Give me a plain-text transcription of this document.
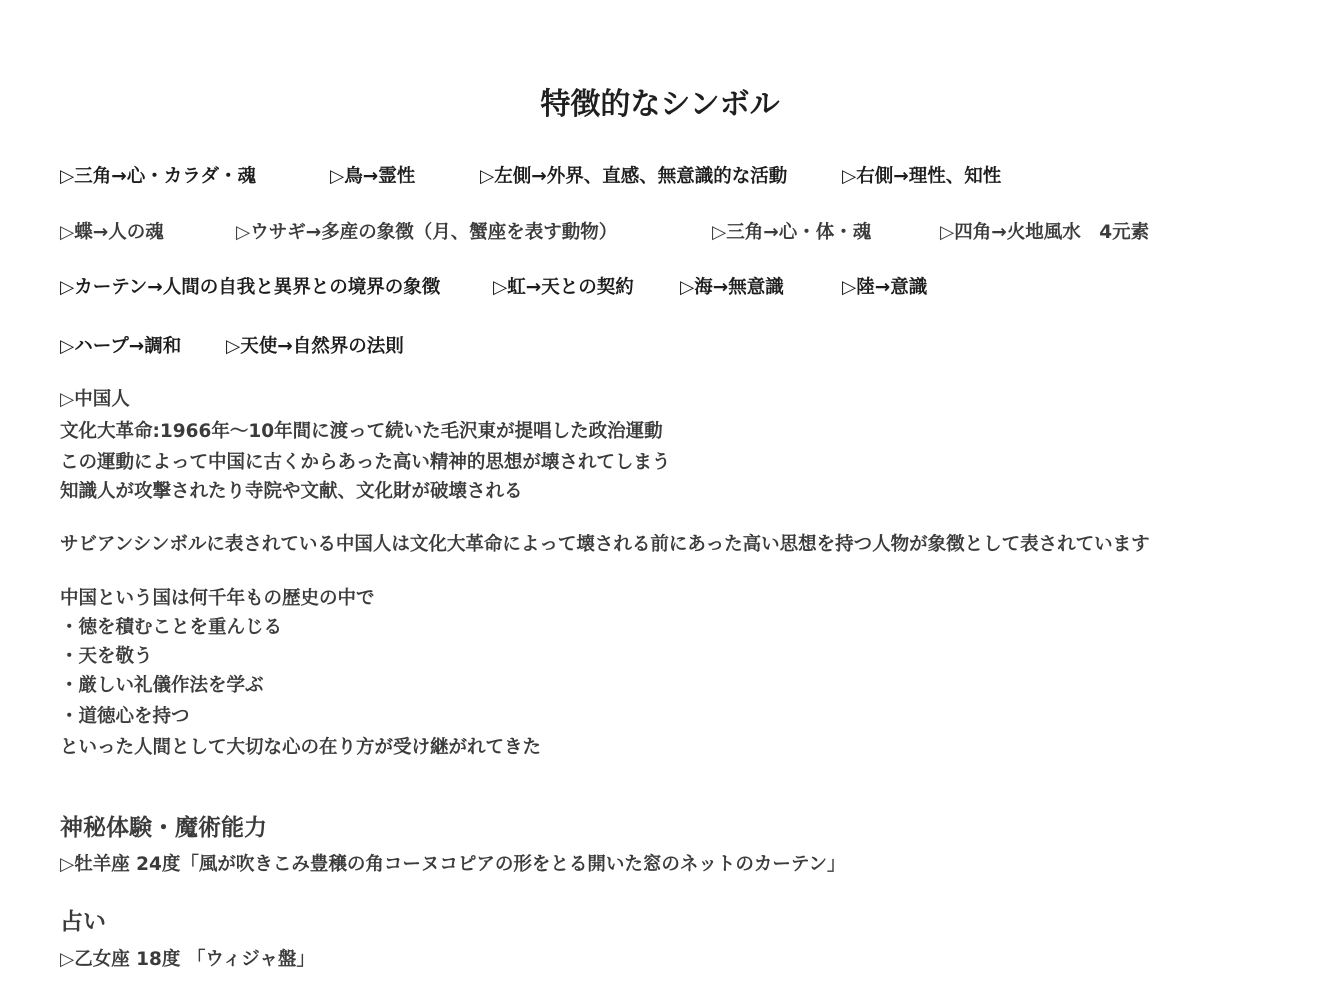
特徴的なシンボル
▷三角→心・カラダ・魂	▷鳥→霊性	▷左側→外界、直感、無意識的な活動	▷右側→理性、知性
▷蝶→人の魂	▷ウサギ→多産の象徴（月、蟹座を表す動物）	▷三角→心・体・魂	▷四角→火地風水　4元素
▷カーテン→人間の自我と異界との境界の象徴	▷虹→天との契約	▷海→無意識	▷陸→意識
▷ハープ→調和 ▷天使→自然界の法則
▷中国人
文化大革命:1966年〜10年間に渡って続いた毛沢東が提唱した政治運動
この運動によって中国に古くからあった高い精神的思想が壊されてしまう
知識人が攻撃されたり寺院や文献、文化財が破壊される
サビアンシンボルに表されている中国人は文化大革命によって壊される前にあった高い思想を持つ人物が象徴として表されています
中国という国は何千年もの歴史の中で
・徳を積むことを重んじる
・天を敬う
・厳しい礼儀作法を学ぶ
・道徳心を持つ
といった人間として大切な心の在り方が受け継がれてきた
神秘体験・魔術能力
▷牡羊座 24度「風が吹きこみ豊穣の角コーヌコピアの形をとる開いた窓のネットのカーテン」
占い
▷乙女座 18度 「ウィジャ盤」
